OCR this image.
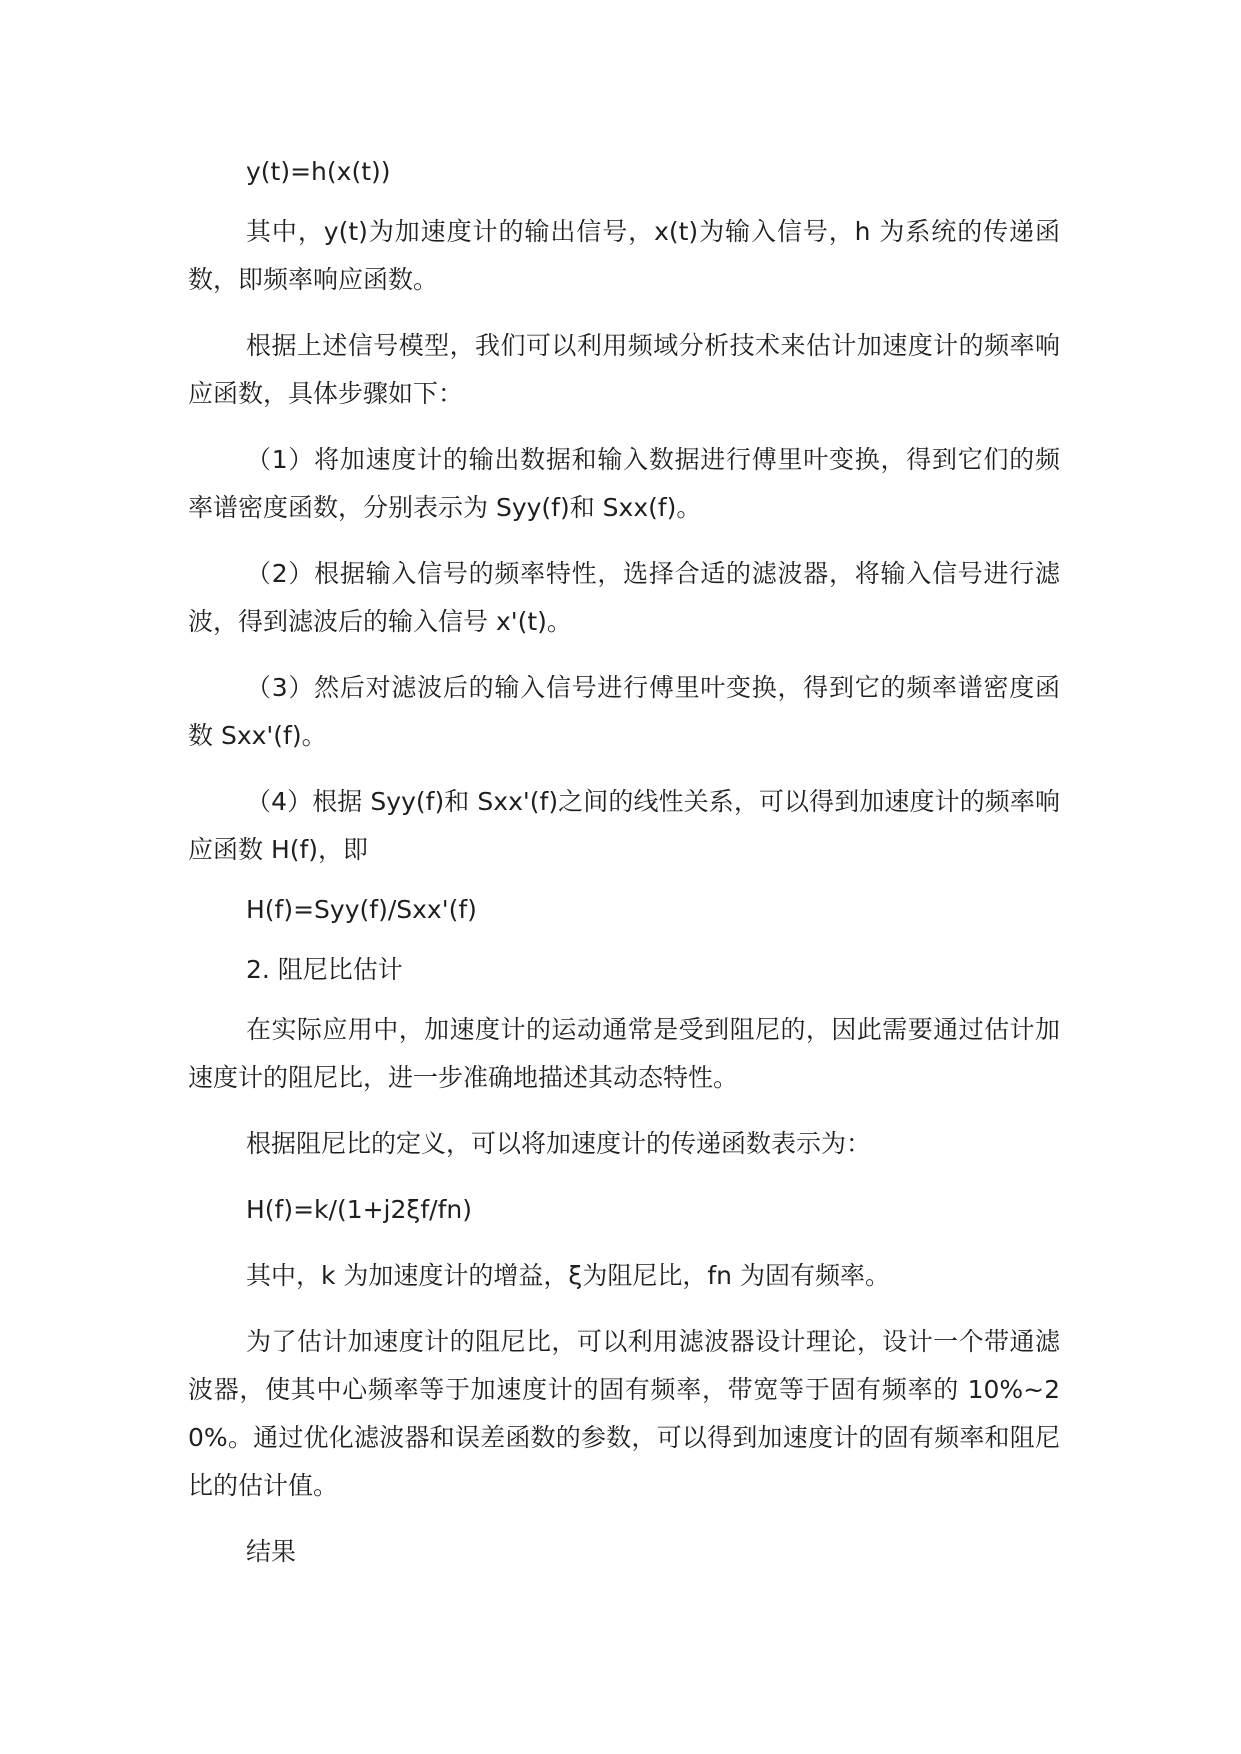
y(t)=h(x(t))

其中，y(t)为加速度计的输出信号，x(t)为输入信号，h 为系统的传递函数，即频率响应函数。

根据上述信号模型，我们可以利用频域分析技术来估计加速度计的频率响应函数，具体步骤如下：

（1）将加速度计的输出数据和输入数据进行傅里叶变换，得到它们的频率谱密度函数，分别表示为 Syy(f)和 Sxx(f)。

（2）根据输入信号的频率特性，选择合适的滤波器，将输入信号进行滤波，得到滤波后的输入信号 x'(t)。

（3）然后对滤波后的输入信号进行傅里叶变换，得到它的频率谱密度函数 Sxx'(f)。

（4）根据 Syy(f)和 Sxx'(f)之间的线性关系，可以得到加速度计的频率响应函数 H(f)，即

H(f)=Syy(f)/Sxx'(f)

2. 阻尼比估计

在实际应用中，加速度计的运动通常是受到阻尼的，因此需要通过估计加速度计的阻尼比，进一步准确地描述其动态特性。

根据阻尼比的定义，可以将加速度计的传递函数表示为：

H(f)=k/(1+j2ξf/fn)

其中，k 为加速度计的增益，ξ为阻尼比，fn 为固有频率。

为了估计加速度计的阻尼比，可以利用滤波器设计理论，设计一个带通滤波器，使其中心频率等于加速度计的固有频率，带宽等于固有频率的 10%~20%。通过优化滤波器和误差函数的参数，可以得到加速度计的固有频率和阻尼比的估计值。

结果
